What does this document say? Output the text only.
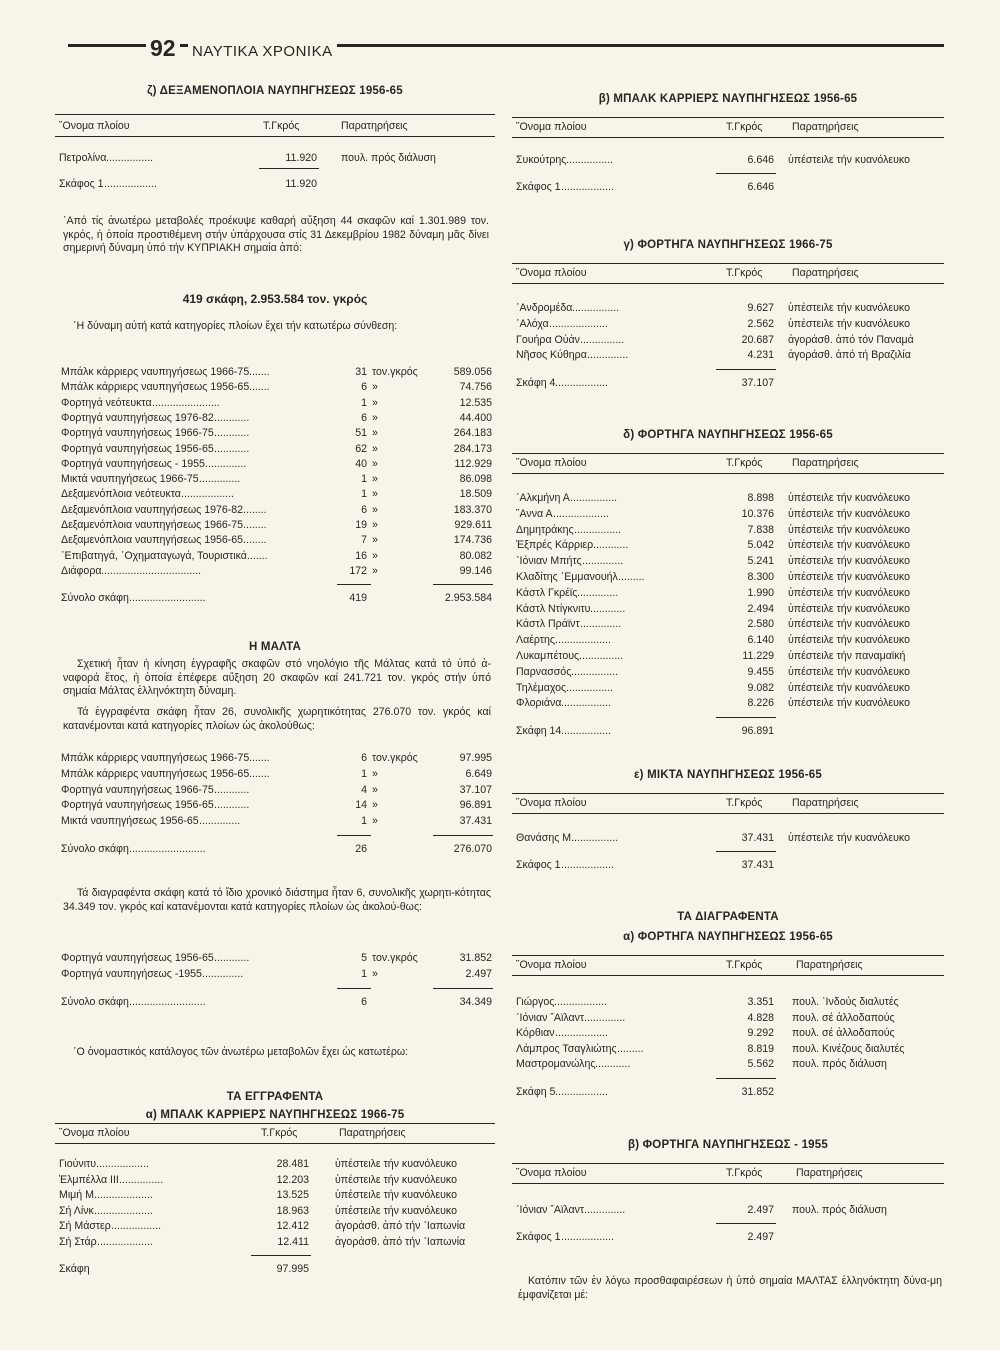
92 ΝΑΥΤΙΚΑ ΧΡΟΝΙΚΑ
ζ) ΔΕΞΑΜΕΝΟΠΛΟΙΑ ΝΑΥΠΗΓΗΣΕΩΣ 1956-65
῞Ονομα πλοίου	Τ.Γκρός	Παρατηρήσεις
Πετρολίνα ................	11.920 πουλ. πρός διάλυση
Σκάφος 1 ..................	11.920
᾿Από τίς ἀνωτέρω μεταβολές προέκυψε καθαρή αὔξηση 44 σκαφῶν καί 1.301.989 τον. γκρός, ἡ ὁποία προστιθέμενη στήν ὑπάρχουσα στίς 31 Δεκεμβρίου 1982 δύναμη μᾶς δίνει σημερινή δύναμη ὑπό τήν ΚΥΠΡΙΑΚΗ σημαία ἀπό:
419 σκάφη, 2.953.584 τον. γκρός
῾Η δύναμη αὐτή κατά κατηγορίες πλοίων ἔχει τήν κατωτέρω σύνθεση:
Μπάλκ κάρριερς ναυπηγήσεως 1966-75 .......	31 τον.γκρός	589.056
Μπάλκ κάρριερς ναυπηγήσεως 1956-65 .......	6 »	74.756
Φορτηγά νεότευκτα .......................	1 »	12.535
Φορτηγά ναυπηγήσεως 1976-82 ............	6 »	44.400
Φορτηγά ναυπηγήσεως 1966-75 ............	51 »	264.183
Φορτηγά ναυπηγήσεως 1956-65 ............	62 »	284.173
Φορτηγά ναυπηγήσεως - 1955 ..............	40 »	112.929
Μικτά ναυπηγήσεως 1966-75 ..............	1 »	86.098
Δεξαμενόπλοια νεότευκτα ..................	1 »	18.509
Δεξαμενόπλοια ναυπηγήσεως 1976-82 ........	6 »	183.370
Δεξαμενόπλοια ναυπηγήσεως 1966-75 ........	19 »	929.611
Δεξαμενόπλοια ναυπηγήσεως 1956-65 ........	7 »	174.736
᾿Επιβατηγά, ᾿Οχηματαγωγά, Τουριστικά .......	16 »	80.082
Διάφορα ..................................	172 »	99.146
Σύνολο σκάφη ..........................	419	2.953.584
Η ΜΑΛΤΑ
Σχετική ἦταν ἡ κίνηση ἐγγραφῆς σκαφῶν στό νηολόγιο τῆς Μάλτας κατά τό ὑπό ἀ-ναφορά ἔτος, ἡ ὁποία ἐπέφερε αὔξηση 20 σκαφῶν καί 241.721 τον. γκρός στήν ὑπό σημαία Μάλτας ἑλληνόκτητη δύναμη.
Τά ἐγγραφέντα σκάφη ἦταν 26, συνολικῆς χωρητικότητας 276.070 τον. γκρός καί κατανέμονται κατά κατηγορίες πλοίων ὡς ἀκολούθως:
Μπάλκ κάρριερς ναυπηγήσεως 1966-75 .......	6 τον.γκρός	97.995
Μπάλκ κάρριερς ναυπηγήσεως 1956-65 .......	1 »	6.649
Φορτηγά ναυπηγήσεως 1966-75 ............	4 »	37.107
Φορτηγά ναυπηγήσεως 1956-65 ............	14 »	96.891
Μικτά ναυπηγήσεως 1956-65 ..............	1 »	37.431
Σύνολο σκάφη ..........................	26	276.070
Τά διαγραφέντα σκάφη κατά τό ἴδιο χρονικό διάστημα ἦταν 6, συνολικῆς χωρητι-κότητας 34.349 τον. γκρός καί κατανέμονται κατά κατηγορίες πλοίων ὡς ἀκολού-θως:
Φορτηγά ναυπηγήσεως 1956-65 ............	5 τον.γκρός	31.852
Φορτηγά ναυπηγήσεως -1955 ..............	1 »	2.497
Σύνολο σκάφη ..........................	6	34.349
῾Ο ὀνομαστικός κατάλογος τῶν ἀνωτέρω μεταβολῶν ἔχει ὡς κατωτέρω:
ΤΑ ΕΓΓΡΑΦΕΝΤΑ
α) ΜΠΑΛΚ ΚΑΡΡΙΕΡΣ ΝΑΥΠΗΓΗΣΕΩΣ 1966-75
῞Ονομα πλοίου	Τ.Γκρός	Παρατηρήσεις
Γιούνιτυ ..................	28.481 ὑπέστειλε τήν κυανόλευκο
Ἐλμπέλλα ΙΙΙ ...............	12.203 ὑπέστειλε τήν κυανόλευκο
Μιμή Μ ....................	13.525 ὑπέστειλε τήν κυανόλευκο
Σή Λίνκ ....................	18.963 ὑπέστειλε τήν κυανόλευκο
Σή Μάστερ .................	12.412 ἀγοράσθ. ἀπό τήν ᾿Ιαπωνία
Σή Στάρ ...................	12.411 ἀγοράσθ. ἀπό τήν ᾿Ιαπωνία
Σκάφη	97.995
β) ΜΠΑΛΚ ΚΑΡΡΙΕΡΣ ΝΑΥΠΗΓΗΣΕΩΣ 1956-65
῞Ονομα πλοίου	Τ.Γκρός	Παρατηρήσεις
Συκούτρης ................	6.646 ὑπέστειλε τήν κυανόλευκο
Σκάφος 1 ..................	6.646
γ) ΦΟΡΤΗΓΑ ΝΑΥΠΗΓΗΣΕΩΣ 1966-75
῞Ονομα πλοίου	Τ.Γκρός	Παρατηρήσεις
᾿Ανδρομέδα ................	9.627 ὑπέστειλε τήν κυανόλευκο
᾿Αλόχα ....................	2.562 ὑπέστειλε τήν κυανόλευκο
Γουήρα Ούάν ...............	20.687 ἀγοράσθ. ἀπό τόν Παναμά
Νῆσος Κύθηρα ..............	4.231 ἀγοράσθ. ἀπό τή Βραζιλία
Σκάφη 4 ..................	37.107
δ) ΦΟΡΤΗΓΑ ΝΑΥΠΗΓΗΣΕΩΣ 1956-65
῞Ονομα πλοίου	Τ.Γκρός	Παρατηρήσεις
᾿Αλκμήνη Α ................	8.898 ὑπέστειλε τήν κυανόλευκο
῎Αννα Α ...................	10.376 ὑπέστειλε τήν κυανόλευκο
Δημητράκης ................	7.838 ὑπέστειλε τήν κυανόλευκο
Ἐξπρές Κάρριερ ............	5.042 ὑπέστειλε τήν κυανόλευκο
᾿Ιόνιαν Μπήτς ..............	5.241 ὑπέστειλε τήν κυανόλευκο
Κλαδίτης ᾿Εμμανουήλ .........	8.300 ὑπέστειλε τήν κυανόλευκο
Κάστλ Γκρέϊς ..............	1.990 ὑπέστειλε τήν κυανόλευκο
Κάστλ Ντίγκνιτυ ............	2.494 ὑπέστειλε τήν κυανόλευκο
Κάστλ Πράϊντ ..............	2.580 ὑπέστειλε τήν κυανόλευκο
Λαέρτης ...................	6.140 ὑπέστειλε τήν κυανόλευκο
Λυκαμπέτους ...............	11.229 ὑπέστειλε τήν παναμαϊκή
Παρνασσός ................	9.455 ὑπέστειλε τήν κυανόλευκο
Τηλέμαχος ................	9.082 ὑπέστειλε τήν κυανόλευκο
Φλοριάνα .................	8.226 ὑπέστειλε τήν κυανόλευκο
Σκάφη 14 .................	96.891
ε) ΜΙΚΤΑ ΝΑΥΠΗΓΗΣΕΩΣ 1956-65
῞Ονομα πλοίου	Τ.Γκρός	Παρατηρήσεις
Θανάσης Μ ................	37.431 ὑπέστειλε τήν κυανόλευκο
Σκάφος 1 ..................	37.431
ΤΑ ΔΙΑΓΡΑΦΕΝΤΑ
α) ΦΟΡΤΗΓΑ ΝΑΥΠΗΓΗΣΕΩΣ 1956-65
῞Ονομα πλοίου	Τ.Γκρός	Παρατηρήσεις
Γιώργος ..................	3.351 πουλ. ᾿Ινδούς διαλυτές
᾿Ιόνιαν ῎Αϊλαντ ..............	4.828 πουλ. σέ ἀλλοδαπούς
Κόρθιαν ..................	9.292 πουλ. σέ ἀλλοδαπούς
Λάμπρος Τσαγλιώτης .........	8.819 πουλ. Κινέζους διαλυτές
Μαστρομανώλης ............	5.562 πουλ. πρός διάλυση
Σκάφη 5 ..................	31.852
β) ΦΟΡΤΗΓΑ ΝΑΥΠΗΓΗΣΕΩΣ - 1955
῞Ονομα πλοίου	Τ.Γκρός	Παρατηρήσεις
᾿Ιόνιαν ῎Αϊλαντ ..............	2.497 πουλ. πρός διάλυση
Σκάφος 1 ..................	2.497
Κατόπιν τῶν ἐν λόγω προσθαφαιρέσεων ἡ ὑπό σημαία ΜΑΛΤΑΣ ἑλληνόκτητη δύνα-μη ἐμφανίζεται μέ:
